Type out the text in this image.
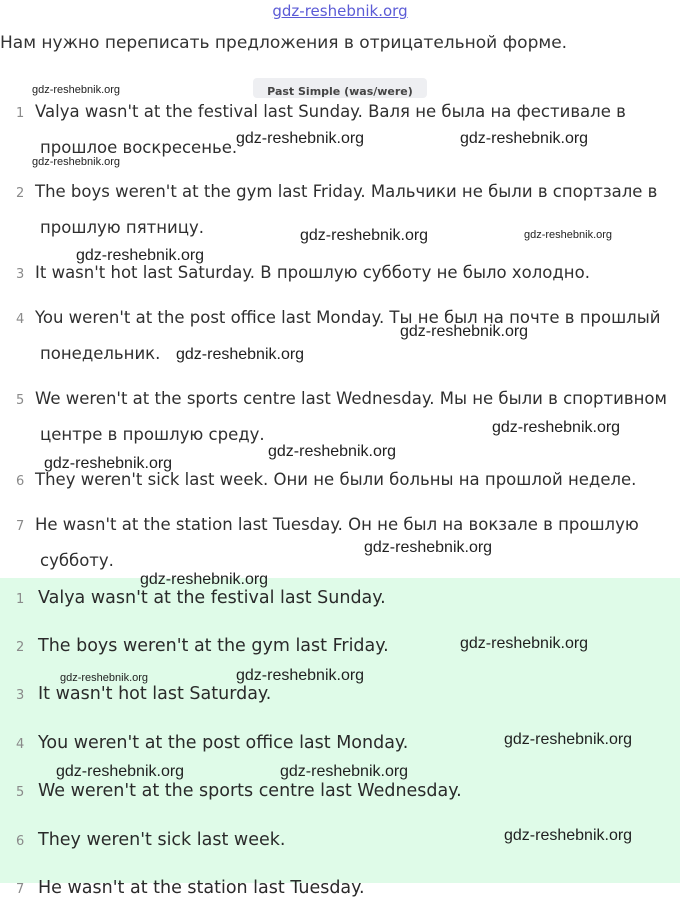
gdz-reshebnik.org
Нам нужно переписать предложения в отрицательной форме.
Past Simple (was/were)
1 Valya wasn't at the festival last Sunday. Валя не была на фестивале в
прошлое воскресенье.
2 The boys weren't at the gym last Friday. Мальчики не были в спортзале в
прошлую пятницу.
3 It wasn't hot last Saturday. В прошлую субботу не было холодно.
4 You weren't at the post office last Monday. Ты не был на почте в прошлый
понедельник.
5 We weren't at the sports centre last Wednesday. Мы не были в спортивном
центре в прошлую среду.
6 They weren't sick last week. Они не были больны на прошлой неделе.
7 He wasn't at the station last Tuesday. Он не был на вокзале в прошлую
субботу.
1 Valya wasn't at the festival last Sunday.
2 The boys weren't at the gym last Friday.
3 It wasn't hot last Saturday.
4 You weren't at the post office last Monday.
5 We weren't at the sports centre last Wednesday.
6 They weren't sick last week.
7 He wasn't at the station last Tuesday.
gdz-reshebnik.org
gdz-reshebnik.org	gdz-reshebnik.org
gdz-reshebnik.org
gdz-reshebnik.org	gdz-reshebnik.org
gdz-reshebnik.org
gdz-reshebnik.org
gdz-reshebnik.org
gdz-reshebnik.org
gdz-reshebnik.org
gdz-reshebnik.org
gdz-reshebnik.org
gdz-reshebnik.org
gdz-reshebnik.org
gdz-reshebnik.org
gdz-reshebnik.org
gdz-reshebnik.org
gdz-reshebnik.org	gdz-reshebnik.org
gdz-reshebnik.org
